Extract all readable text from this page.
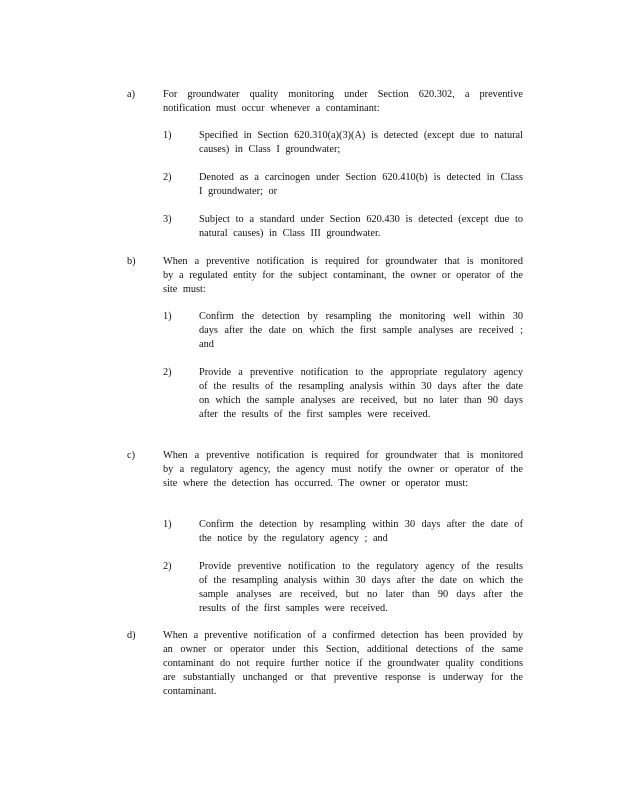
a)	For groundwater quality monitoring under Section 620.302, a preventive notification must occur whenever a contaminant:
1)	Specified in Section 620.310(a)(3)(A) is detected (except due to natural causes) in Class I groundwater;
2)	Denoted as a carcinogen under Section 620.410(b) is detected in Class I groundwater; or
3)	Subject to a standard under Section 620.430 is detected (except due to natural causes) in Class III groundwater.
b)	When a preventive notification is required for groundwater that is monitored by a regulated entity for the subject contaminant, the owner or operator of the site must:
1)	Confirm the detection by resampling the monitoring well within 30 days after the date on which the first sample analyses are received ; and
2)	Provide a preventive notification to the appropriate regulatory agency of the results of the resampling analysis within 30 days after the date on which the sample analyses are received, but no later than 90 days after the results of the first samples were received.
c)	When a preventive notification is required for groundwater that is monitored by a regulatory agency, the agency must notify the owner or operator of the site where the detection has occurred. The owner or operator must:
1)	Confirm the detection by resampling within 30 days after the date of the notice by the regulatory agency ; and
2)	Provide preventive notification to the regulatory agency of the results of the resampling analysis within 30 days after the date on which the sample analyses are received, but no later than 90 days after the results of the first samples were received.
d)	When a preventive notification of a confirmed detection has been provided by an owner or operator under this Section, additional detections of the same contaminant do not require further notice if the groundwater quality conditions are substantially unchanged or that preventive response is underway for the contaminant.
